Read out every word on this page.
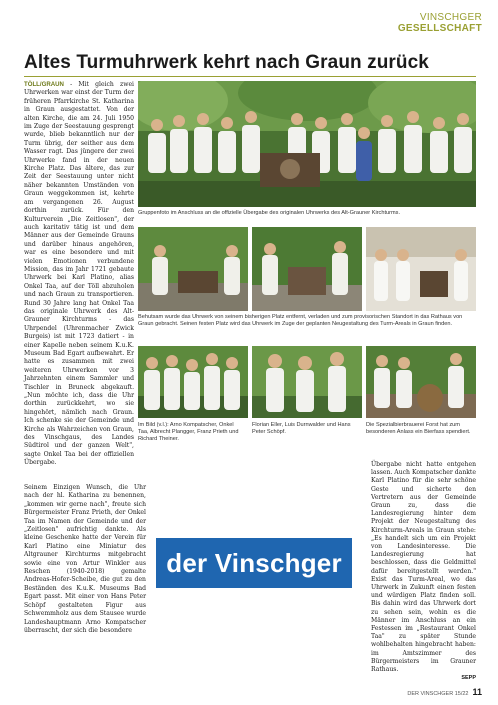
VINSCHGER
GESELLSCHAFT
Altes Turmuhrwerk kehrt nach Graun zurück
TÖLL/GRAUN - Mit gleich zwei Uhrwerken war einst der Turm der früheren Pfarrkirche St. Katharina in Graun ausgestattet. Von der alten Kirche, die am 24. Juli 1950 im Zuge der Seestauung gesprengt wurde, blieb bekanntlich nur der Turm übrig, der seither aus dem Wasser ragt. Das jüngere der zwei Uhrwerke fand in der neuen Kirche Platz. Das ältere, das zur Zeit der Seestauung unter nicht näher bekannten Umständen von Graun weggekommen ist, kehrte am vergangenen 26. August dorthin zurück. Für den Kulturverein „Die Zeitlosen", der auch karitativ tätig ist und dem Männer aus der Gemeinde Grauns und darüber hinaus angehören, war es eine besondere und mit vielen Emotionen verbundene Mission, das im Jahr 1721 gebaute Uhrwerk bei Karl Platino, alias Onkel Taa, auf der Töll abzuholen und nach Graun zu transportieren. Rund 30 Jahre lang hat Onkel Taa das originale Uhrwerk des Alt-Grauner Kirchturms - das Uhrpendel (Uhrenmacher Zwick Burgeis) ist mit 1723 datiert - in einer Kapelle neben seinem K.u.K. Museum Bad Egart aufbewahrt. Er hatte es zusammen mit zwei weiteren Uhrwerken vor 3 Jahrzehnten einem Sammler und Tischler in Bruneck abgekauft. „Nun möchte ich, dass die Uhr dorthin zurückkehrt, wo sie hingehört, nämlich nach Graun. Ich schenke sie der Gemeinde und Kirche als Wahrzeichen von Graun, des Vinschgaus, des Landes Südtirol und der ganzen Welt", sagte Onkel Taa bei der offiziellen Übergabe.
Seinem Einzigen Wunsch, die Uhr nach der hl. Katharina zu benennen, „kommen wir gerne nach", freute sich Bürgermeister Franz Prieth, der Onkel Taa im Namen der Gemeinde und der „Zeitlosen" aufrichtig dankte. Als kleine Geschenke hatte der Verein für Karl Platino eine Miniatur des Altgrauner Kirchturms mitgebracht sowie eine von Artur Winkler aus Reschen (1940-2018) gemalte Andreas-Hofer-Scheibe, die gut zu den Beständen des K.u.K. Museums Bad Egart passt. Mit einer von Hans Peter Schöpf gestalteten Figur aus Schwemmholz aus dem Stausee wurde Landeshauptmann Arno Kompatscher überrascht, der sich die besondere
Gruppenfoto im Anschluss an die offizielle Übergabe des originalen Uhrwerks des Alt-Grauner Kirchturms.
Behutsam wurde das Uhrwerk von seinem bisherigen Platz entfernt, verladen und zum provisorischen Standort in das Rathaus von Graun gebracht. Seinen festen Platz wird das Uhrwerk im Zuge der geplanten Neugestaltung des Turm-Areals in Graun finden.
Im Bild (v.l.): Arno Kompatscher, Onkel Taa, Albrecht Plangger, Franz Prieth und Richard Theiner.
Florian Eller, Luis Durnwalder und Hans Peter Schöpf.
Die Spezialbierbrauerei Forst hat zum besonderen Anlass ein Bierfass spendiert.
der Vinschger
Übergabe nicht hatte entgehen lassen. Auch Kompatscher dankte Karl Platino für die sehr schöne Geste und sicherte den Vertretern aus der Gemeinde Graun zu, dass die Landesregierung hinter dem Projekt der Neugestaltung des Kirchturm-Areals in Graun stehe: „Es handelt sich um ein Projekt von Landesinteresse. Die Landesregierung hat beschlossen, dass die Geldmittel dafür bereitgestellt werden." Exist das Turm-Areal, wo das Uhrwerk in Zukunft einen festen und würdigen Platz finden soll. Bis dahin wird das Uhrwerk dort zu sehen sein, wohin es die Männer im Anschluss an ein Festessen im „Restaurant Onkel Taa" zu später Stunde wohlbehalten hingebracht haben: im Amtszimmer des Bürgermeisters im Grauner Rathaus.
SEPP
DER VINSCHGER 15/22 11
